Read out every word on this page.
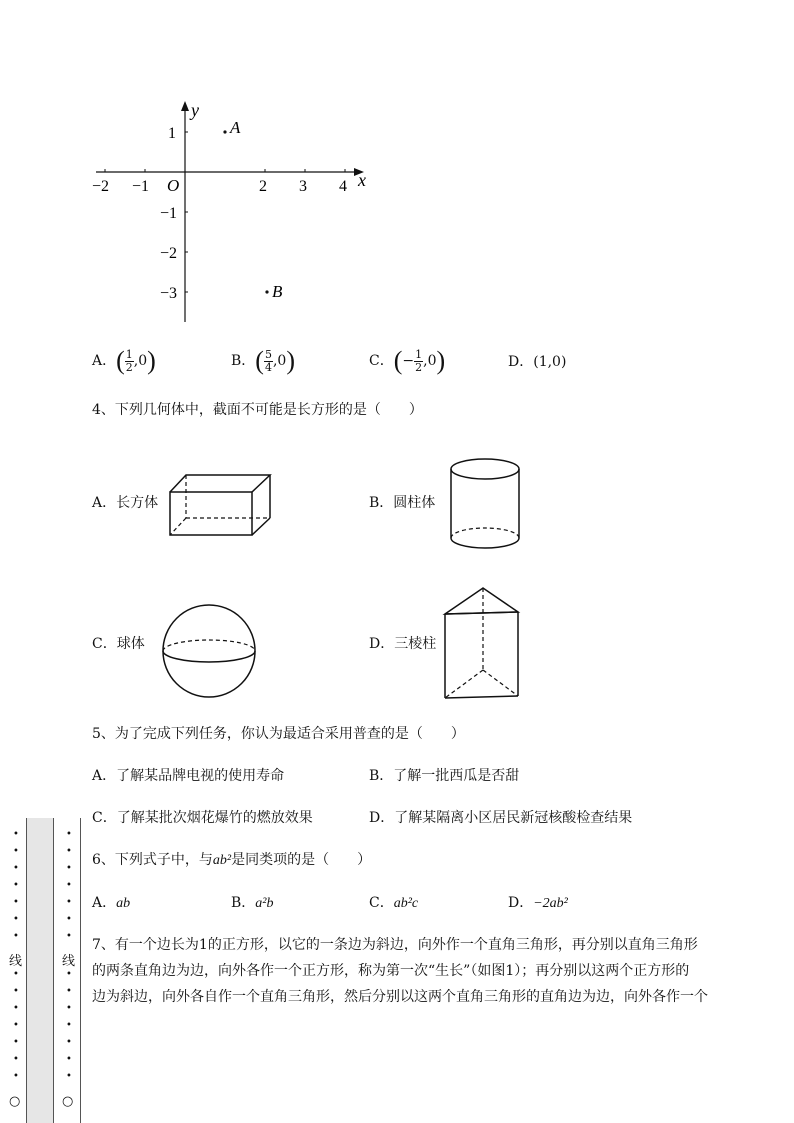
−2 −1 O	2 3 4 x
y
1
−1
−2
−3
A
B
A．( $\frac{1}{2} ,0$)	B．( $\frac{5}{4} ,0$)	C．(− $\frac{1}{2} ,0$)	D．(1,0)
4、下列几何体中，截面不可能是长方形的是（　　）
A．长方体	B．圆柱体
C．球体	D．三棱柱
5、为了完成下列任务，你认为最适合采用普查的是（　　）
A．了解某品牌电视的使用寿命	B．了解一批西瓜是否甜
C．了解某批次烟花爆竹的燃放效果	D．了解某隔离小区居民新冠核酸检查结果
6、下列式子中，与ab²是同类项的是（　　）
A．ab	B．a²b	C．ab²c	D．−2ab²
7、有一个边长为1的正方形，以它的一条边为斜边，向外作一个直角三角形，再分别以直角三角形
的两条直角边为边，向外各作一个正方形，称为第一次“生长”（如图1）；再分别以这两个正方形的
边为斜边，向外各自作一个直角三角形，然后分别以这两个直角三角形的直角边为边，向外各作一个
•
•
•
•
•
•
•
线
•
•
•
•
•
•
•
○
•
•
•
•
•
•
•
线
•
•
•
•
•
•
•
○
